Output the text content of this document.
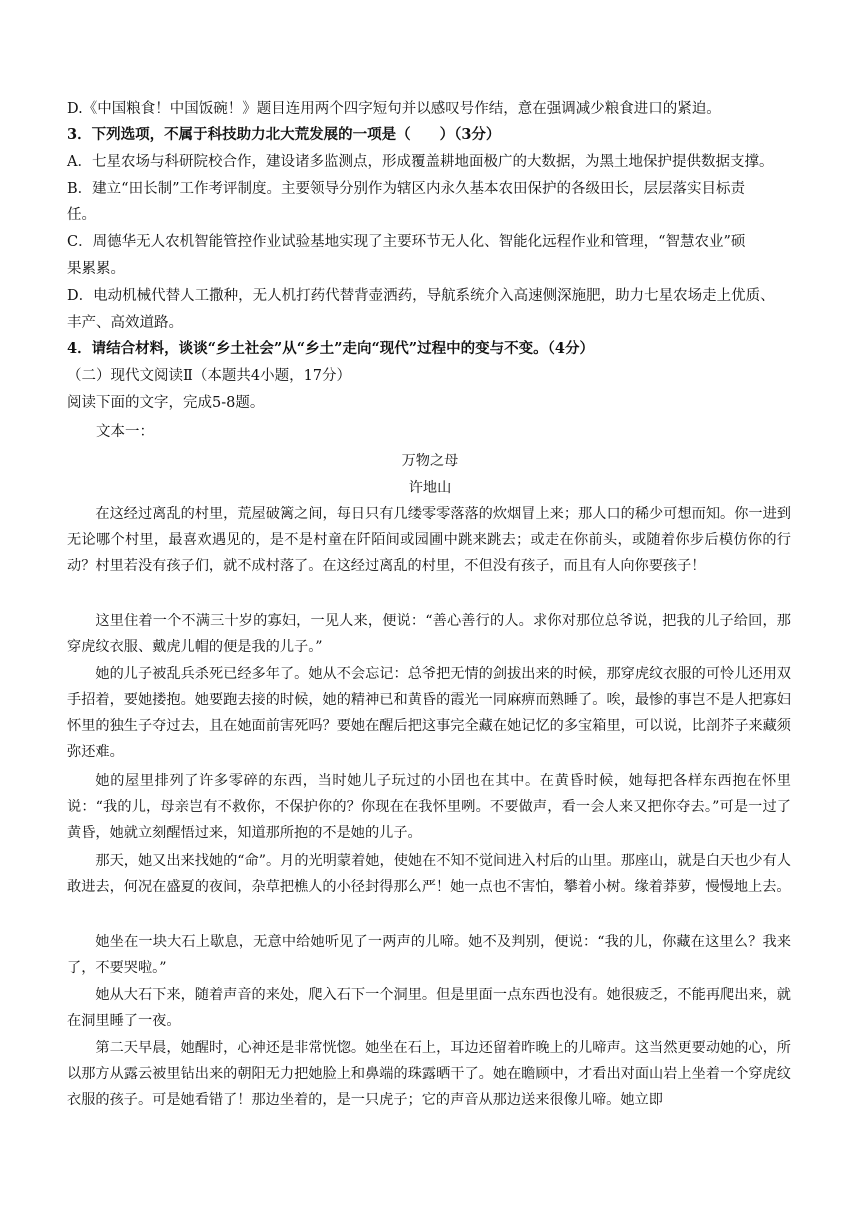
D.《中国粮食！中国饭碗！》题目连用两个四字短句并以感叹号作结，意在强调减少粮食进口的紧迫。
3．下列选项，不属于科技助力北大荒发展的一项是（　　）（3分）
A．七星农场与科研院校合作，建设诸多监测点，形成覆盖耕地面极广的大数据，为黑土地保护提供数据支撑。
B．建立“田长制”工作考评制度。主要领导分别作为辖区内永久基本农田保护的各级田长，层层落实目标责
任。
C．周德华无人农机智能管控作业试验基地实现了主要环节无人化、智能化远程作业和管理，“智慧农业”硕
果累累。
D．电动机械代替人工撒种，无人机打药代替背壶洒药，导航系统介入高速侧深施肥，助力七星农场走上优质、
丰产、高效道路。
4．请结合材料，谈谈“乡土社会”从“乡土”走向“现代”过程中的变与不变。（4分）
（二）现代文阅读Ⅱ（本题共4小题，17分）
阅读下面的文字，完成5-8题。
　　文本一：
万物之母
许地山
在这经过离乱的村里，荒屋破篱之间，每日只有几缕零零落落的炊烟冒上来；那人口的稀少可想而知。你一进到无论哪个村里，最喜欢遇见的，是不是村童在阡陌间或园圃中跳来跳去；或走在你前头，或随着你步后模仿你的行动？村里若没有孩子们，就不成村落了。在这经过离乱的村里，不但没有孩子，而且有人向你要孩子！
这里住着一个不满三十岁的寡妇，一见人来，便说：“善心善行的人。求你对那位总爷说，把我的儿子给回，那穿虎纹衣服、戴虎儿帽的便是我的儿子。”
她的儿子被乱兵杀死已经多年了。她从不会忘记：总爷把无情的剑拔出来的时候，那穿虎纹衣服的可怜儿还用双手招着，要她搂抱。她要跑去接的时候，她的精神已和黄昏的霞光一同麻痹而熟睡了。唉，最惨的事岂不是人把寡妇怀里的独生子夺过去，且在她面前害死吗？要她在醒后把这事完全藏在她记忆的多宝箱里，可以说，比剖芥子来藏须弥还难。
她的屋里排列了许多零碎的东西，当时她儿子玩过的小囝也在其中。在黄昏时候，她每把各样东西抱在怀里说：“我的儿，母亲岂有不救你，不保护你的？你现在在我怀里咧。不要做声，看一会人来又把你夺去。”可是一过了黄昏，她就立刻醒悟过来，知道那所抱的不是她的儿子。
那天，她又出来找她的“命”。月的光明蒙着她，使她在不知不觉间进入村后的山里。那座山，就是白天也少有人敢进去，何况在盛夏的夜间，杂草把樵人的小径封得那么严！她一点也不害怕，攀着小树。缘着莽萝，慢慢地上去。
她坐在一块大石上歇息，无意中给她听见了一两声的儿啼。她不及判别，便说：“我的儿，你藏在这里么？我来了，不要哭啦。”
她从大石下来，随着声音的来处，爬入石下一个洞里。但是里面一点东西也没有。她很疲乏，不能再爬出来，就在洞里睡了一夜。
第二天早晨，她醒时，心神还是非常恍惚。她坐在石上，耳边还留着昨晚上的儿啼声。这当然更要动她的心，所以那方从露云被里钻出来的朝阳无力把她脸上和鼻端的珠露晒干了。她在瞻顾中，才看出对面山岩上坐着一个穿虎纹衣服的孩子。可是她看错了！那边坐着的，是一只虎子；它的声音从那边送来很像儿啼。她立即
